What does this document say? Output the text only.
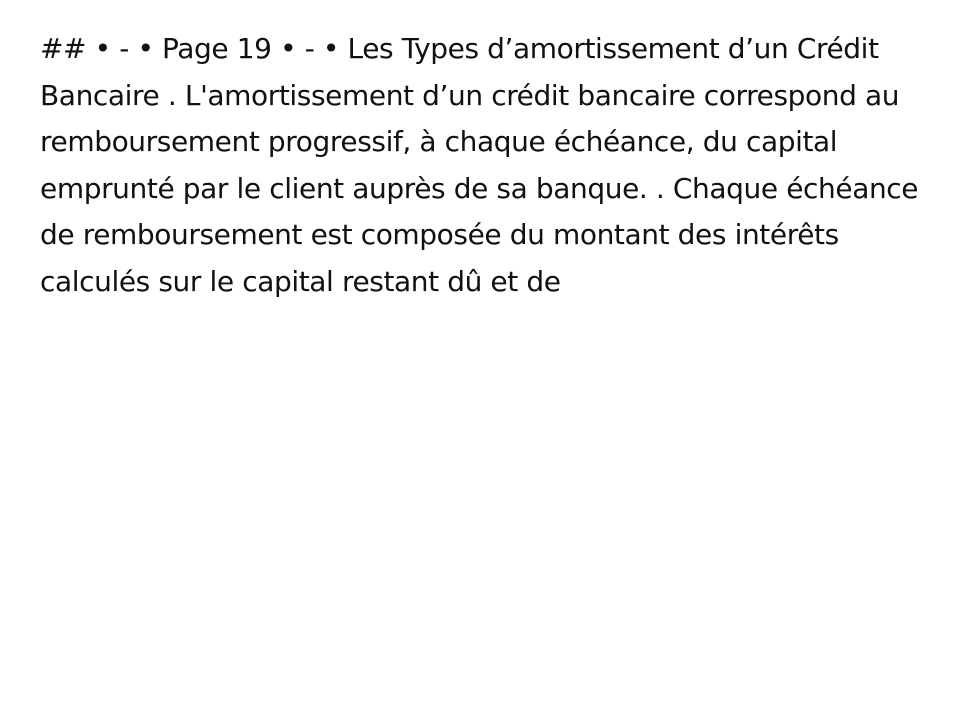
## • - • Page 19 • - • Les Types d’amortissement d’un Crédit Bancaire . L'amortissement d’un crédit bancaire correspond au remboursement progressif, à chaque échéance, du capital emprunté par le client auprès de sa banque. . Chaque échéance de remboursement est composée du montant des intérêts calculés sur le capital restant dû et de
